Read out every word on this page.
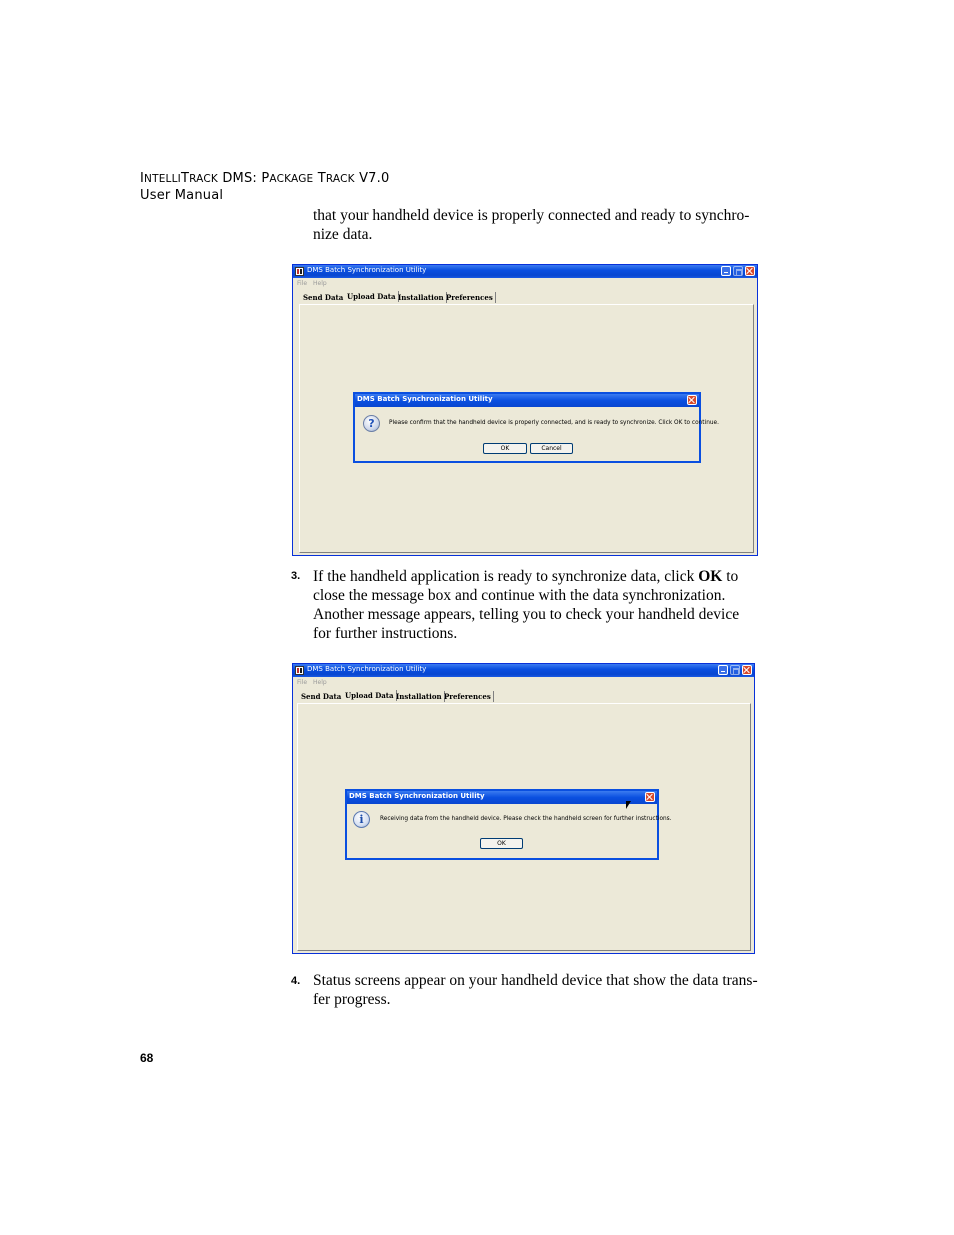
INTELLITRACK DMS: PACKAGE TRACK V7.0
User Manual
that your handheld device is properly connected and ready to synchro-
nize data.
DMS Batch Synchronization Utility
File Help
Send Data Upload Data Installation Preferences
DMS Batch Synchronization Utility
?	Please confirm that the handheld device is properly connected, and is ready to synchronize. Click OK to continue.
OK	Cancel
3. If the handheld application is ready to synchronize data, click OK to
close the message box and continue with the data synchronization.
Another message appears, telling you to check your handheld device
for further instructions.
DMS Batch Synchronization Utility
File Help
Send Data Upload Data Installation Preferences
DMS Batch Synchronization Utility
i	Receiving data from the handheld device. Please check the handheld screen for further instructions.
OK
4. Status screens appear on your handheld device that show the data trans-
fer progress.
68
